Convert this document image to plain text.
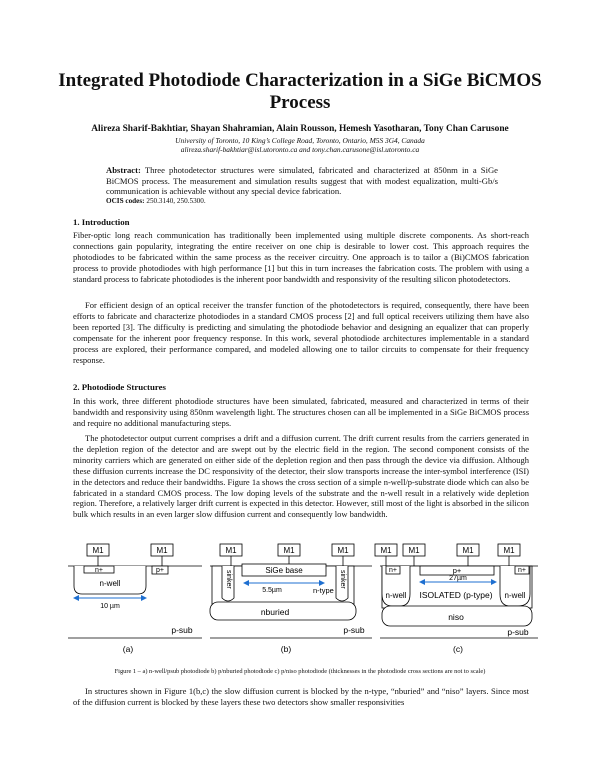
Integrated Photodiode Characterization in a SiGe BiCMOS Process
Alireza Sharif-Bakhtiar, Shayan Shahramian, Alain Rousson, Hemesh Yasotharan, Tony Chan Carusone
University of Toronto, 10 King’s College Road, Toronto, Ontario, M5S 3G4, Canada
alireza.sharif-bakhtiar@isl.utoronto.ca and tony.chan.carusone@isl.utoronto.ca
Abstract: Three photodetector structures were simulated, fabricated and characterized at 850nm in a SiGe BiCMOS process. The measurement and simulation results suggest that with modest equalization, multi-Gb/s communication is achievable without any special device fabrication.
OCIS codes: 250.3140, 250.5300.
1. Introduction
Fiber-optic long reach communication has traditionally been implemented using multiple discrete components. As short-reach connections gain popularity, integrating the entire receiver on one chip is desirable to lower cost. This approach requires the photodiodes to be fabricated within the same process as the receiver circuitry. One approach is to tailor a (Bi)CMOS fabrication process to provide photodiodes with high performance [1] but this in turn increases the fabrication costs. The problem with using a standard process to fabricate photodiodes is the inherent poor bandwidth and responsivity of the resulting silicon photodetectors.
For efficient design of an optical receiver the transfer function of the photodetectors is required, consequently, there have been efforts to fabricate and characterize photodiodes in a standard CMOS process [2] and full optical receivers utilizing them have also been reported [3]. The difficulty is predicting and simulating the photodiode behavior and designing an equalizer that can properly compensate for the inherent poor frequency response. In this work, several photodiode architectures implementable in a standard process are explored, their performance compared, and modeled allowing one to tailor circuits to compensate for their frequency response.
2. Photodiode Structures
In this work, three different photodiode structures have been simulated, fabricated, measured and characterized in terms of their bandwidth and responsivity using 850nm wavelength light. The structures chosen can all be implemented in a SiGe BiCMOS process and require no additional manufacturing steps.
The photodetector output current comprises a drift and a diffusion current. The drift current results from the carriers generated in the depletion region of the detector and are swept out by the electric field in the region. The second component consists of the minority carriers which are generated on either side of the depletion region and then pass through the device via diffusion. Although these diffusion currents increase the DC responsivity of the detector, their slow transports increase the inter-symbol interference (ISI) in the detectors and reduce their bandwidths. Figure 1a shows the cross section of a simple n-well/p-substrate diode which can also be fabricated in a standard CMOS process. The low doping levels of the substrate and the n-well result in a relatively wide depletion region. Therefore, a relatively larger drift current is expected in this detector. However, still most of the light is absorbed in the silicon bulk which results in an even larger slow diffusion current and consequently low bandwidth.
M1	M1
n+	p+
n-well
10 µm
p-sub
(a)
M1	M1	M1
sinker	sinker
SiGe base
5.5µm	n-type
nburied
p-sub
(b)
M1 M1	M1	M1
n-well	n-well
n+	p+	n+
27µm
ISOLATED (p-type)
niso
p-sub
(c)
Figure 1 – a) n-well/psub photodiode b) p/nburied photodiode c) p/niso photodiode (thicknesses in the photodiode cross sections are not to scale)
In structures shown in Figure 1(b,c) the slow diffusion current is blocked by the n-type, “nburied” and “niso” layers. Since most of the diffusion current is blocked by these layers these two detectors show smaller responsivities
